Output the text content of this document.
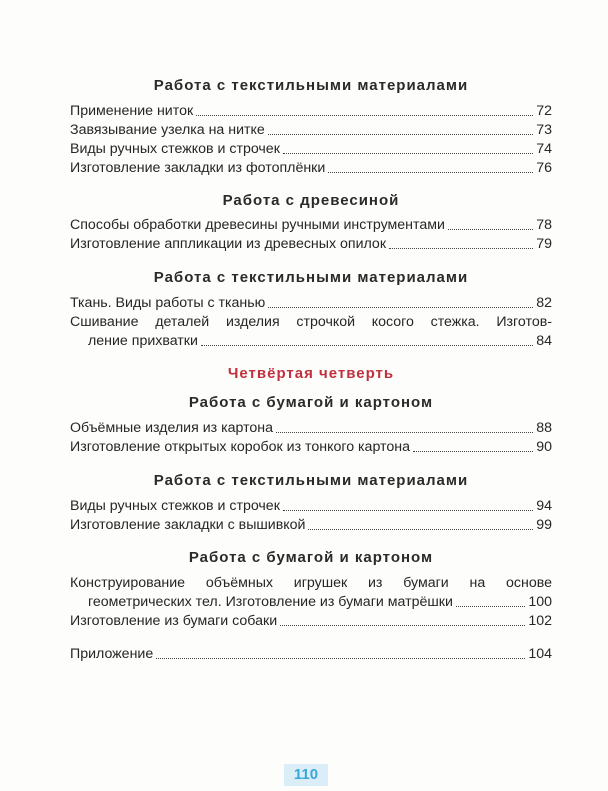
Работа с текстильными материалами
Применение ниток	72
Завязывание узелка на нитке	73
Виды ручных стежков и строчек	74
Изготовление закладки из фотоплёнки	76
Работа с древесиной
Способы обработки древесины ручными инструментами	78
Изготовление аппликации из древесных опилок	79
Работа с текстильными материалами
Ткань. Виды работы с тканью	82
Сшивание деталей изделия строчкой косого стежка. Изготов-
ление прихватки	84
Четвёртая четверть
Работа с бумагой и картоном
Объёмные изделия из картона	88
Изготовление открытых коробок из тонкого картона	90
Работа с текстильными материалами
Виды ручных стежков и строчек	94
Изготовление закладки с вышивкой	99
Работа с бумагой и картоном
Конструирование объёмных игрушек из бумаги на основе
геометрических тел. Изготовление из бумаги матрёшки	100
Изготовление из бумаги собаки	102
Приложение	104
110
